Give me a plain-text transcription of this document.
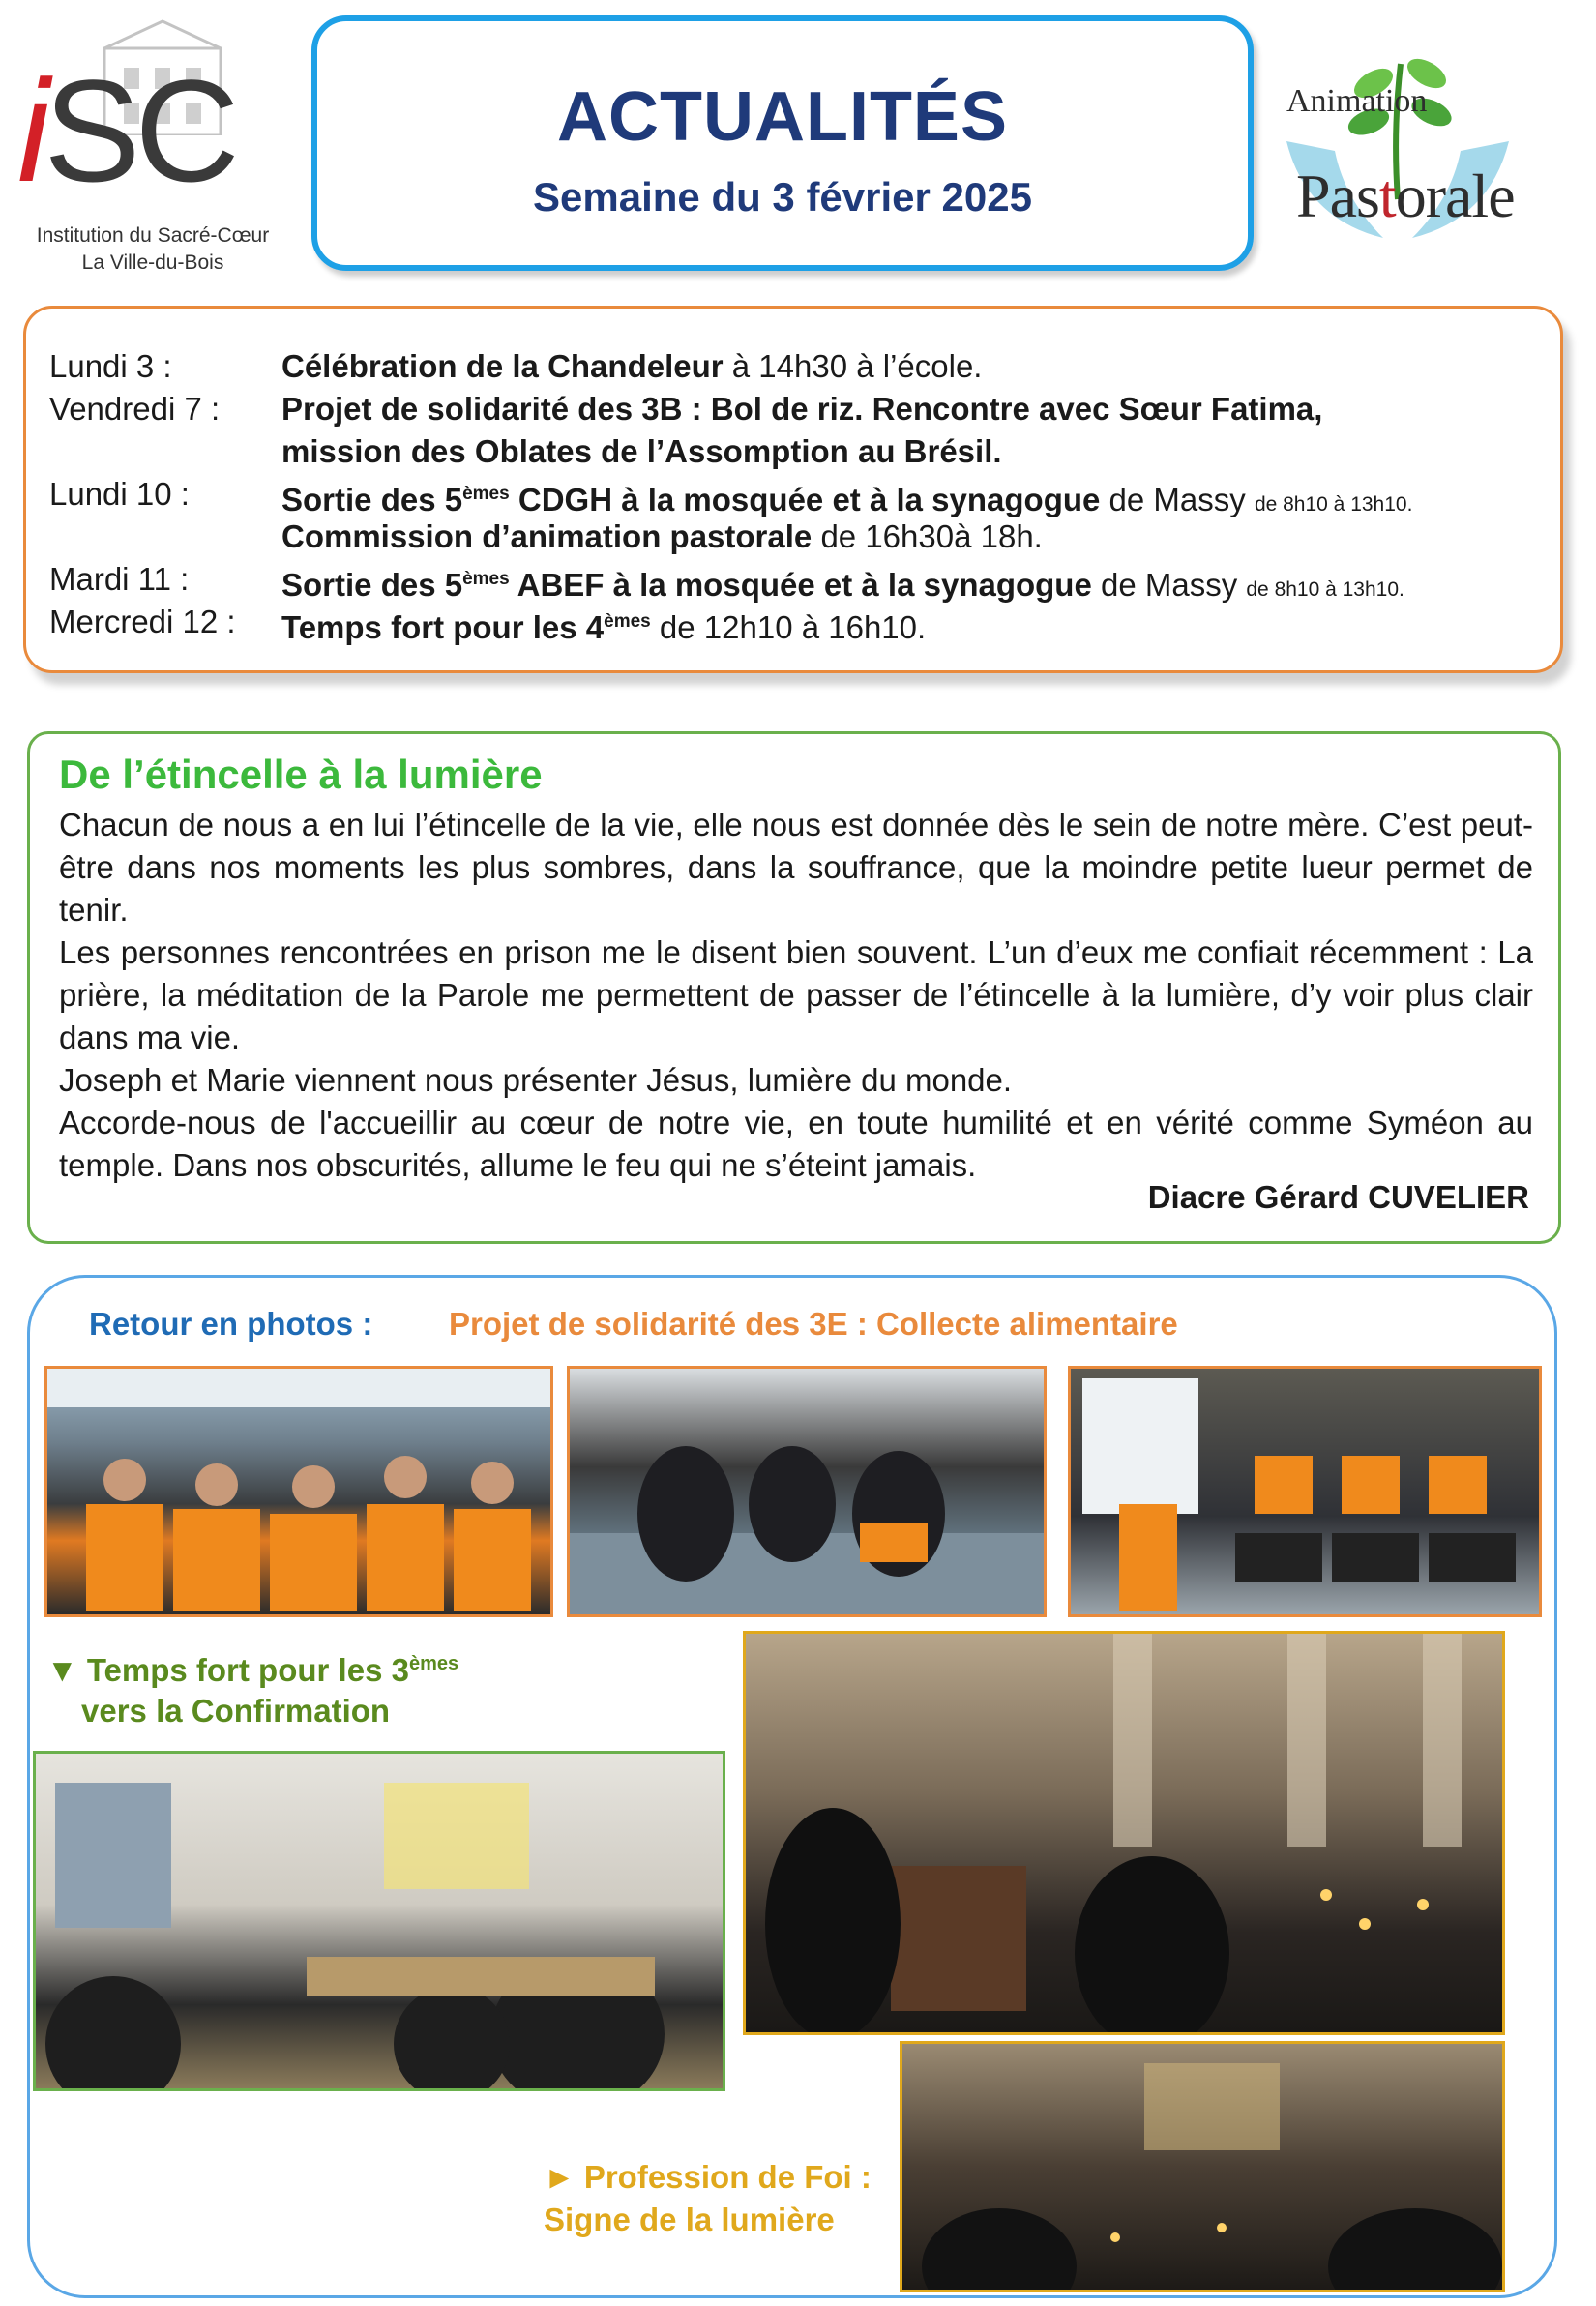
iSC
Institution du Sacré-Cœur
La Ville-du-Bois
ACTUALITÉS
Semaine du 3 février 2025
Animation
Pastorale
Lundi 3 :	Célébration de la Chandeleur à 14h30 à l’école.
Vendredi 7 : Projet de solidarité des 3B : Bol de riz. Rencontre avec Sœur Fatima,
mission des Oblates de l’Assomption au Brésil.
Lundi 10 :	Sortie des 5èmes CDGH à la mosquée et à la synagogue de Massy de 8h10 à 13h10.
Commission d’animation pastorale de 16h30à 18h.
Mardi 11 :	Sortie des 5èmes ABEF à la mosquée et à la synagogue de Massy de 8h10 à 13h10.
Mercredi 12 : Temps fort pour les 4èmes de 12h10 à 16h10.
De l’étincelle à la lumière

Chacun de nous a en lui l’étincelle de la vie, elle nous est donnée dès le sein de notre mère. C’est peut-être dans nos moments les plus sombres, dans la souffrance, que la moindre petite lueur permet de tenir.

Les personnes rencontrées en prison me le disent bien souvent. L’un d’eux me confiait récemment : La prière, la méditation de la Parole me permettent de passer de l’étincelle à la lumière, d’y voir plus clair dans ma vie.

Joseph et Marie viennent nous présenter Jésus, lumière du monde.

Accorde-nous de l'accueillir au cœur de notre vie, en toute humilité et en vérité comme Syméon au temple. Dans nos obscurités, allume le feu qui ne s’éteint jamais.

Diacre Gérard CUVELIER
Retour en photos : Projet de solidarité des 3E : Collecte alimentaire
▼ Temps fort pour les 3èmes
vers la Confirmation
► Profession de Foi :
Signe de la lumière
